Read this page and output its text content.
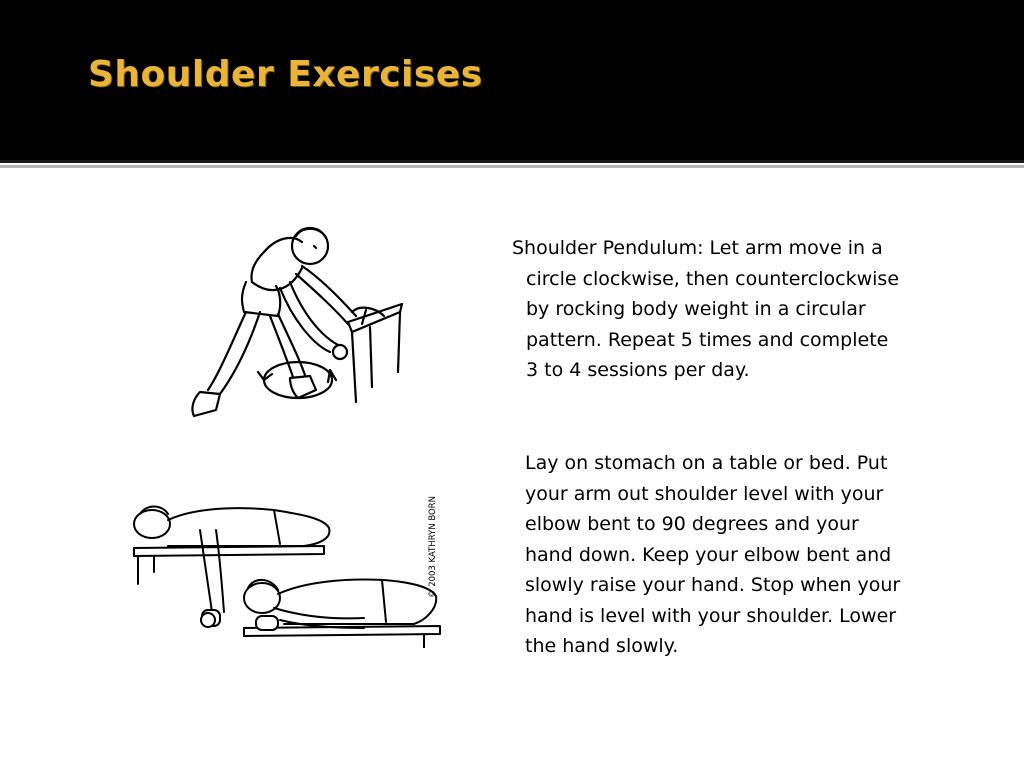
Shoulder Exercises
© 2003 KATHRYN BORN

Shoulder Pendulum: Let arm move in a
circle clockwise, then counterclockwise
by rocking body weight in a circular
pattern. Repeat 5 times and complete
3 to 4 sessions per day.

Lay on stomach on a table or bed. Put
your arm out shoulder level with your
elbow bent to 90 degrees and your
hand down. Keep your elbow bent and
slowly raise your hand. Stop when your
hand is level with your shoulder. Lower
the hand slowly.
